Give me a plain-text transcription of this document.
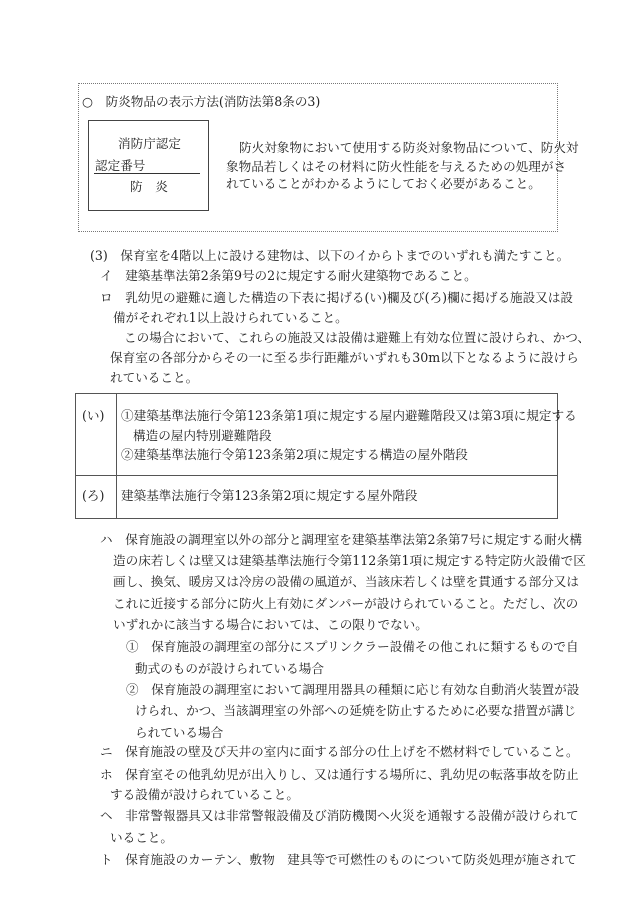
○　防炎物品の表示方法(消防法第8条の3)
消防庁認定
認定番号
防　炎
防火対象物において使用する防炎対象物品について、防火対
象物品若しくはその材料に防火性能を与えるための処理がさ
れていることがわかるようにしておく必要があること。
(3)　保育室を4階以上に設ける建物は、以下のイからトまでのいずれも満たすこと。
イ　建築基準法第2条第9号の2に規定する耐火建築物であること。
ロ　乳幼児の避難に適した構造の下表に掲げる(い)欄及び(ろ)欄に掲げる施設又は設
備がそれぞれ1以上設けられていること。
この場合において、これらの施設又は設備は避難上有効な位置に設けられ、かつ、
保育室の各部分からその一に至る歩行距離がいずれも30m以下となるように設けら
れていること。
(い) ①建築基準法施行令第123条第1項に規定する屋内避難階段又は第3項に規定する
構造の屋内特別避難階段
②建築基準法施行令第123条第2項に規定する構造の屋外階段
(ろ) 建築基準法施行令第123条第2項に規定する屋外階段
ハ　保育施設の調理室以外の部分と調理室を建築基準法第2条第7号に規定する耐火構
造の床若しくは壁又は建築基準法施行令第112条第1項に規定する特定防火設備で区
画し、換気、暖房又は冷房の設備の風道が、当該床若しくは壁を貫通する部分又は
これに近接する部分に防火上有効にダンパーが設けられていること。ただし、次の
いずれかに該当する場合においては、この限りでない。
①　保育施設の調理室の部分にスプリンクラー設備その他これに類するもので自
動式のものが設けられている場合
②　保育施設の調理室において調理用器具の種類に応じ有効な自動消火装置が設
けられ、かつ、当該調理室の外部への延焼を防止するために必要な措置が講じ
られている場合
ニ　保育施設の壁及び天井の室内に面する部分の仕上げを不燃材料でしていること。
ホ　保育室その他乳幼児が出入りし、又は通行する場所に、乳幼児の転落事故を防止
する設備が設けられていること。
ヘ　非常警報器具又は非常警報設備及び消防機関へ火災を通報する設備が設けられて
いること。
ト　保育施設のカーテン、敷物　建具等で可燃性のものについて防炎処理が施されて
